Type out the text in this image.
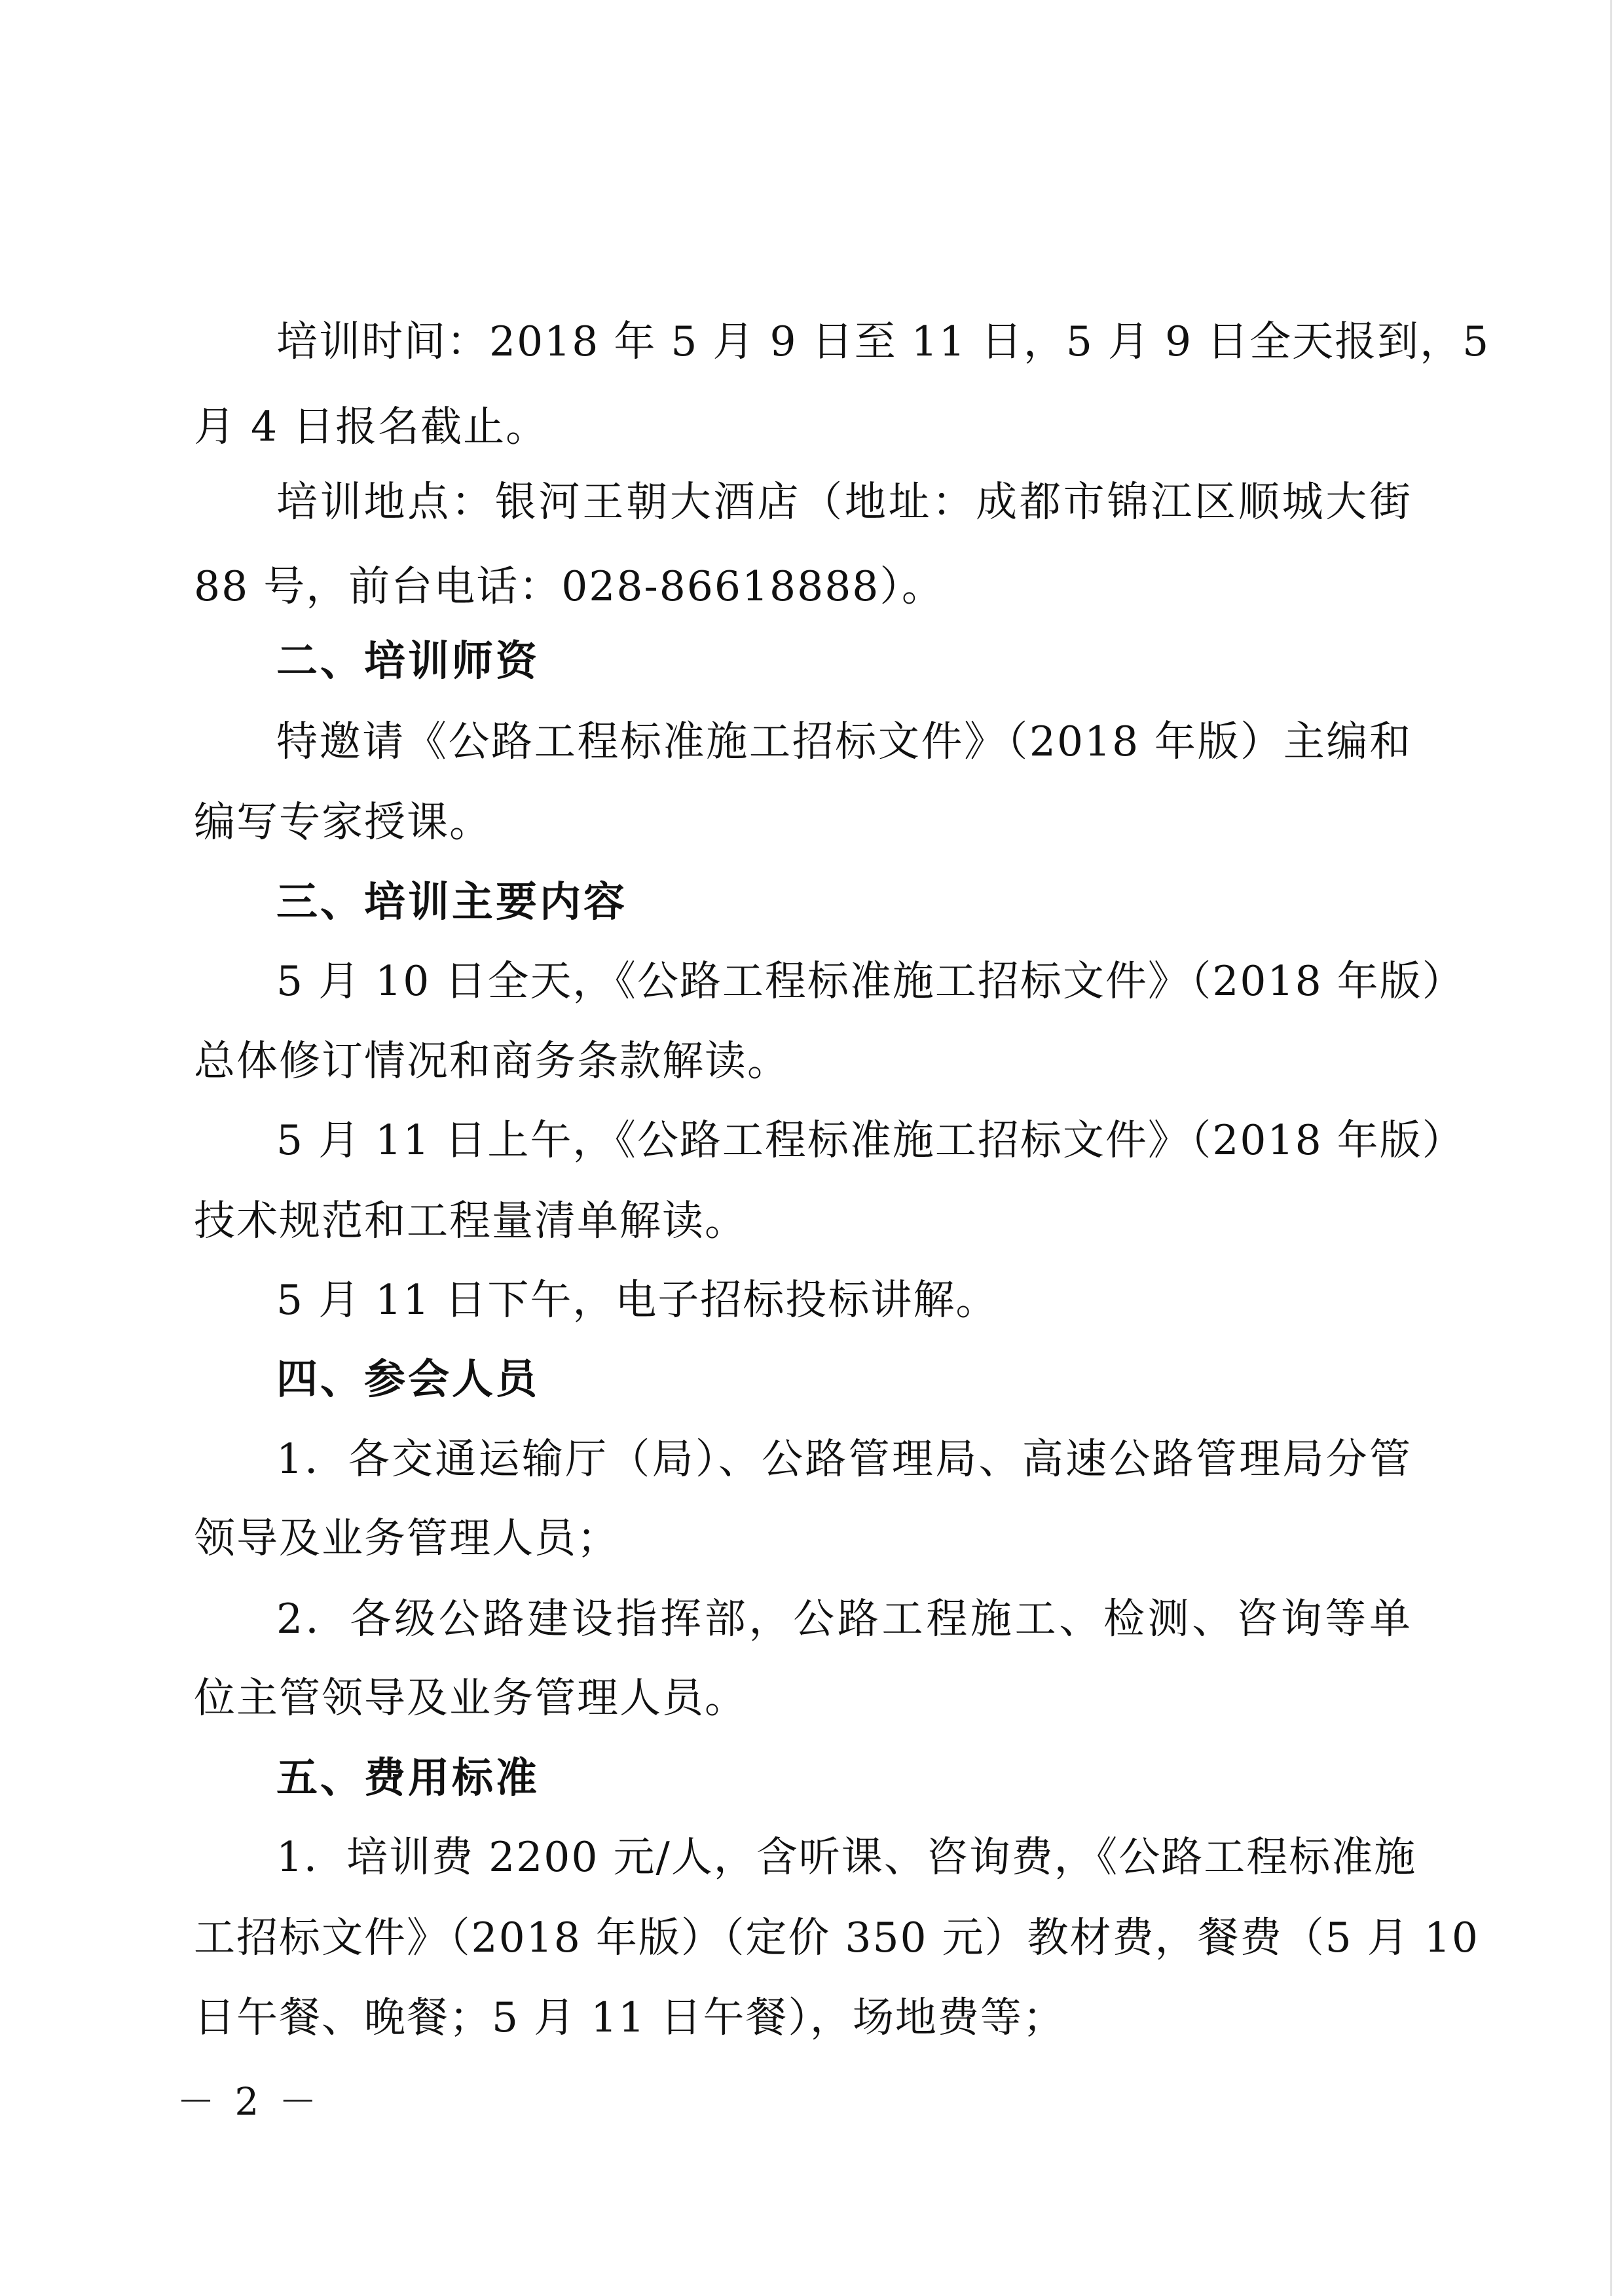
培训时间：2018 年 5 月 9 日至 11 日，5 月 9 日全天报到，5
月 4 日报名截止。
培训地点：银河王朝大酒店（地址：成都市锦江区顺城大街
88 号，前台电话：028-86618888）。
二、培训师资
特邀请《公路工程标准施工招标文件》（2018 年版）主编和
编写专家授课。
三、培训主要内容
5 月 10 日全天，《公路工程标准施工招标文件》（2018 年版）
总体修订情况和商务条款解读。
5 月 11 日上午，《公路工程标准施工招标文件》（2018 年版）
技术规范和工程量清单解读。
5 月 11 日下午，电子招标投标讲解。
四、参会人员
1．各交通运输厅（局）、公路管理局、高速公路管理局分管
领导及业务管理人员；
2．各级公路建设指挥部，公路工程施工、检测、咨询等单
位主管领导及业务管理人员。
五、费用标准
1．培训费 2200 元/人，含听课、咨询费，《公路工程标准施
工招标文件》（2018 年版）（定价 350 元）教材费，餐费（5 月 10
日午餐、晚餐；5 月 11 日午餐），场地费等；
－ 2 －
